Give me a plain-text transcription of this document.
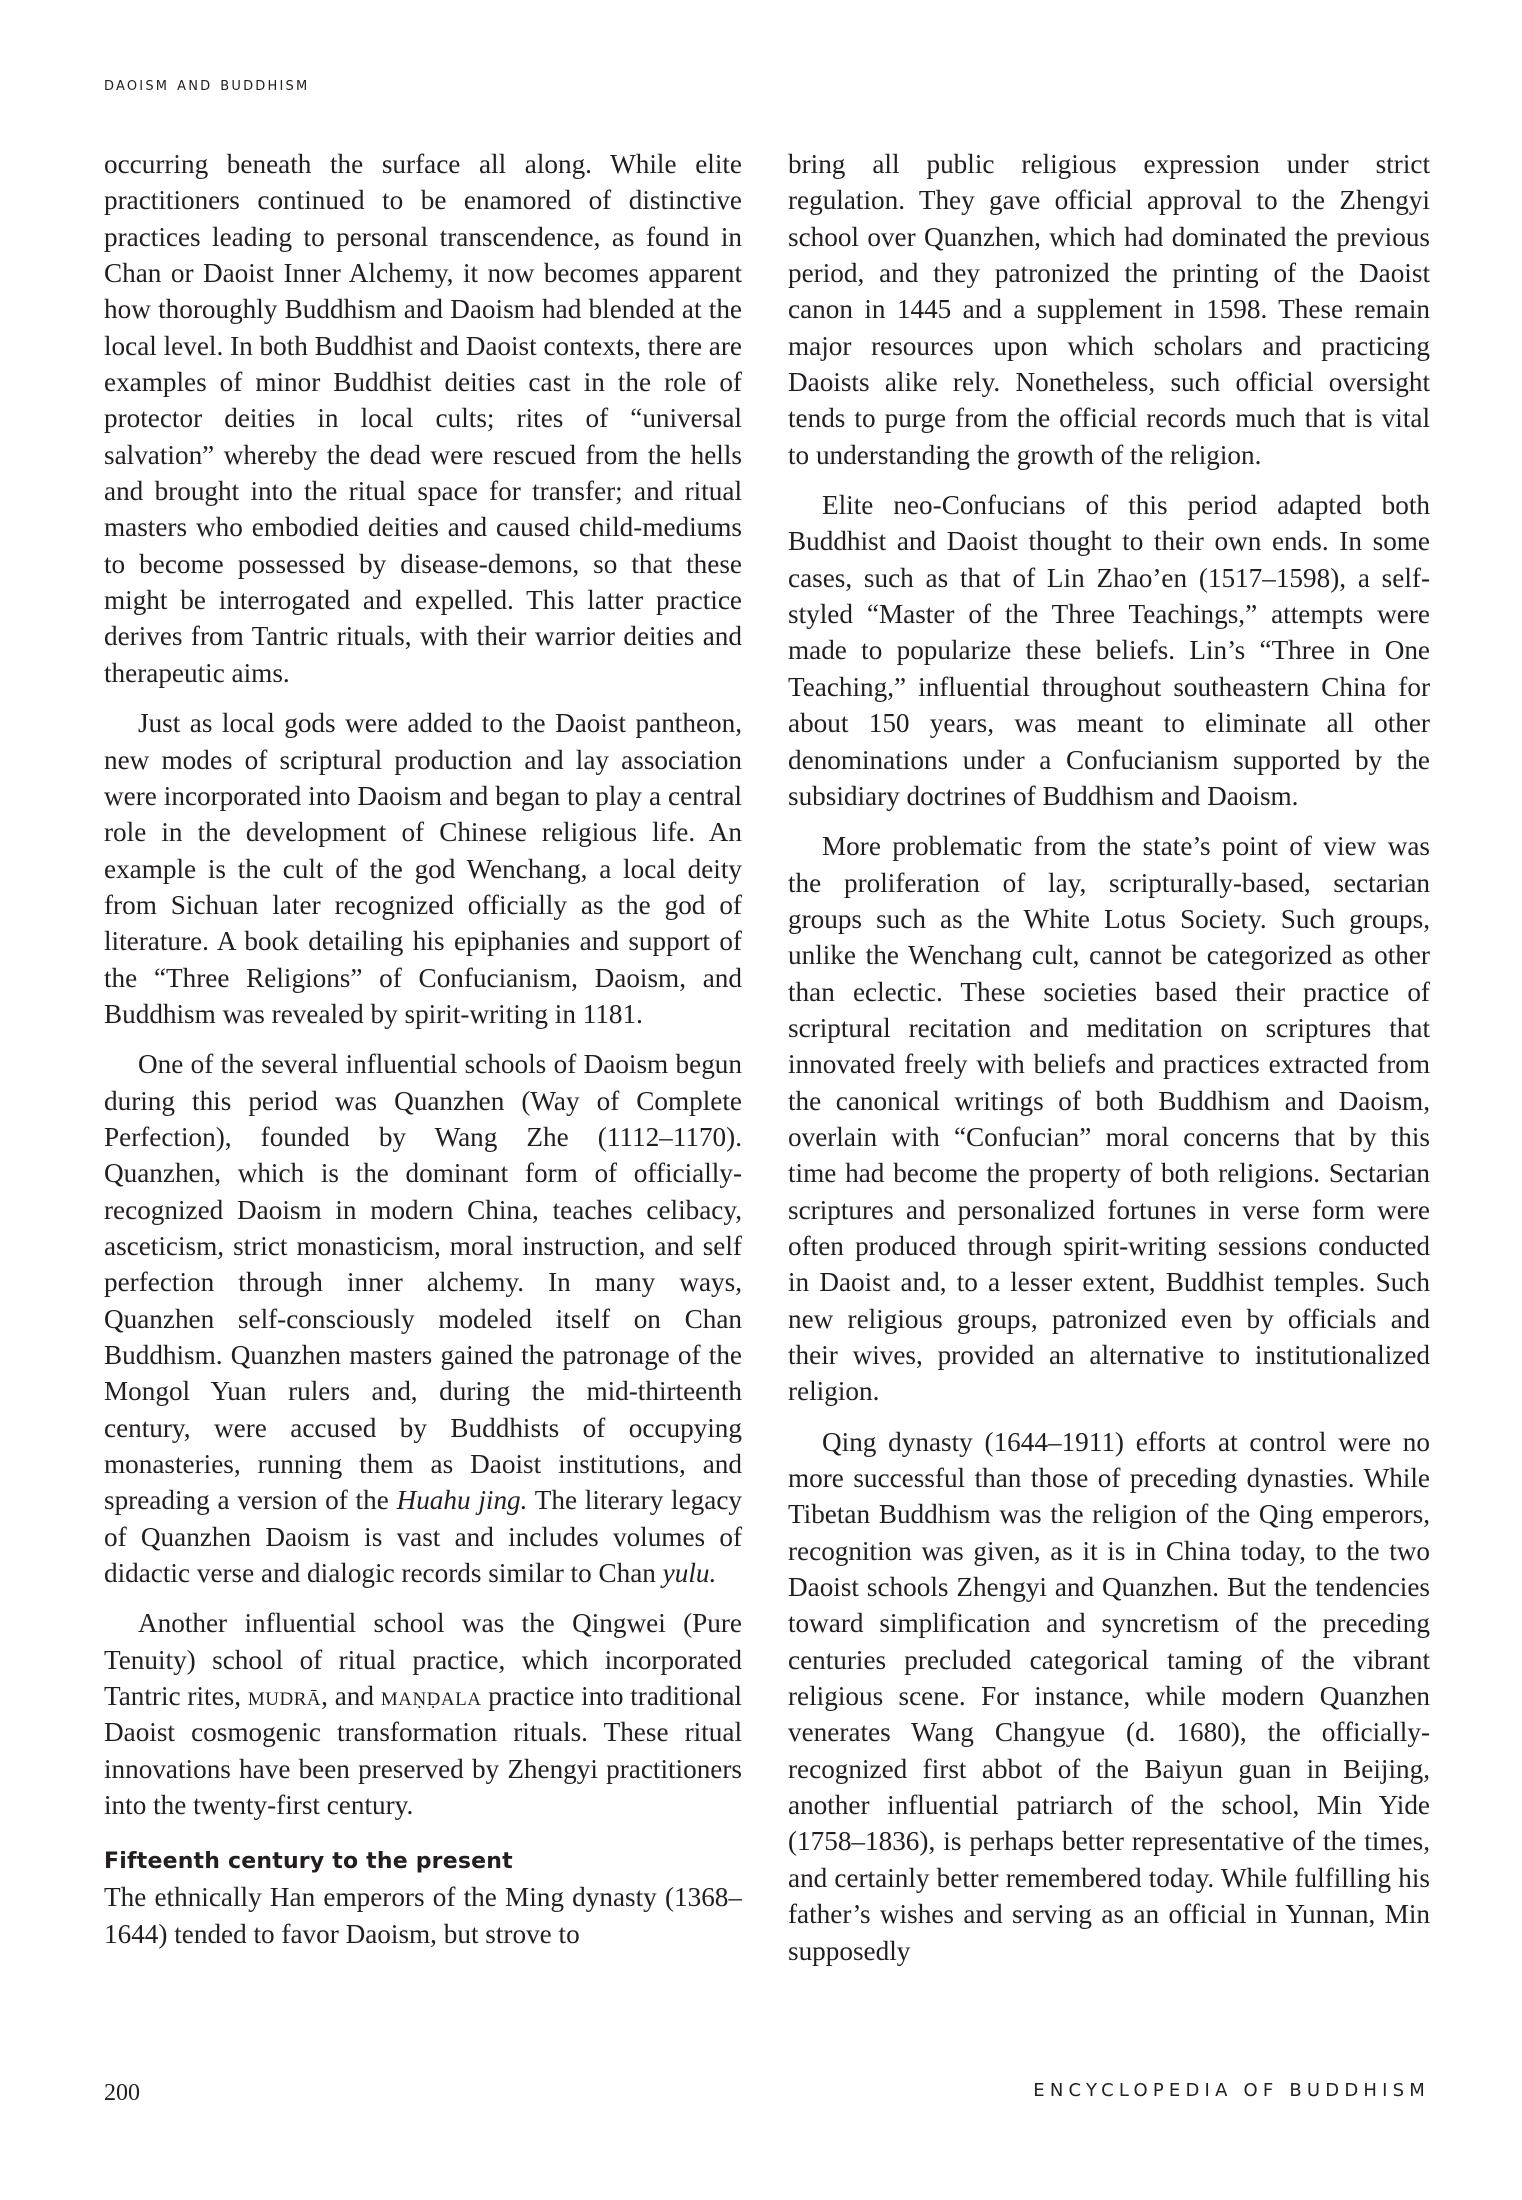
daoism and buddhism

occurring beneath the surface all along. While elite practitioners continued to be enamored of distinctive practices leading to personal transcendence, as found in Chan or Daoist Inner Alchemy, it now becomes apparent how thoroughly Buddhism and Daoism had blended at the local level. In both Buddhist and Daoist contexts, there are examples of minor Buddhist deities cast in the role of protector deities in local cults; rites of “universal salvation” whereby the dead were rescued from the hells and brought into the ritual space for transfer; and ritual masters who embodied deities and caused child-mediums to become possessed by disease-demons, so that these might be interrogated and expelled. This latter practice derives from Tantric rituals, with their warrior deities and therapeutic aims.

Just as local gods were added to the Daoist pantheon, new modes of scriptural production and lay association were incorporated into Daoism and began to play a central role in the development of Chinese religious life. An example is the cult of the god Wenchang, a local deity from Sichuan later recognized officially as the god of literature. A book detailing his epiphanies and support of the “Three Religions” of Confucianism, Daoism, and Buddhism was revealed by spirit-writing in 1181.

One of the several influential schools of Daoism begun during this period was Quanzhen (Way of Complete Perfection), founded by Wang Zhe (1112–1170). Quanzhen, which is the dominant form of officially-recognized Daoism in modern China, teaches celibacy, asceticism, strict monasticism, moral instruction, and self perfection through inner alchemy. In many ways, Quanzhen self-consciously modeled itself on Chan Buddhism. Quanzhen masters gained the patronage of the Mongol Yuan rulers and, during the mid-thirteenth century, were accused by Buddhists of occupying monasteries, running them as Daoist institutions, and spreading a version of the Huahu jing. The literary legacy of Quanzhen Daoism is vast and includes volumes of didactic verse and dialogic records similar to Chan yulu.

Another influential school was the Qingwei (Pure Tenuity) school of ritual practice, which incorporated Tantric rites, mudrā, and maṇḍala practice into traditional Daoist cosmogenic transformation rituals. These ritual innovations have been preserved by Zhengyi practitioners into the twenty-first century.

Fifteenth century to the present

The ethnically Han emperors of the Ming dynasty (1368–1644) tended to favor Daoism, but strove to

bring all public religious expression under strict regulation. They gave official approval to the Zhengyi school over Quanzhen, which had dominated the previous period, and they patronized the printing of the Daoist canon in 1445 and a supplement in 1598. These remain major resources upon which scholars and practicing Daoists alike rely. Nonetheless, such official oversight tends to purge from the official records much that is vital to understanding the growth of the religion.

Elite neo-Confucians of this period adapted both Buddhist and Daoist thought to their own ends. In some cases, such as that of Lin Zhao’en (1517–1598), a self-styled “Master of the Three Teachings,” attempts were made to popularize these beliefs. Lin’s “Three in One Teaching,” influential throughout southeastern China for about 150 years, was meant to eliminate all other denominations under a Confucianism supported by the subsidiary doctrines of Buddhism and Daoism.

More problematic from the state’s point of view was the proliferation of lay, scripturally-based, sectarian groups such as the White Lotus Society. Such groups, unlike the Wenchang cult, cannot be categorized as other than eclectic. These societies based their practice of scriptural recitation and meditation on scriptures that innovated freely with beliefs and practices extracted from the canonical writings of both Buddhism and Daoism, overlain with “Confucian” moral concerns that by this time had become the property of both religions. Sectarian scriptures and personalized fortunes in verse form were often produced through spirit-writing sessions conducted in Daoist and, to a lesser extent, Buddhist temples. Such new religious groups, patronized even by officials and their wives, provided an alternative to institutionalized religion.

Qing dynasty (1644–1911) efforts at control were no more successful than those of preceding dynasties. While Tibetan Buddhism was the religion of the Qing emperors, recognition was given, as it is in China today, to the two Daoist schools Zhengyi and Quanzhen. But the tendencies toward simplification and syncretism of the preceding centuries precluded categorical taming of the vibrant religious scene. For instance, while modern Quanzhen venerates Wang Changyue (d. 1680), the officially-recognized first abbot of the Baiyun guan in Beijing, another influential patriarch of the school, Min Yide (1758–1836), is perhaps better representative of the times, and certainly better remembered today. While fulfilling his father’s wishes and serving as an official in Yunnan, Min supposedly

200	ENCYCLOPEDIA OF BUDDHISM
